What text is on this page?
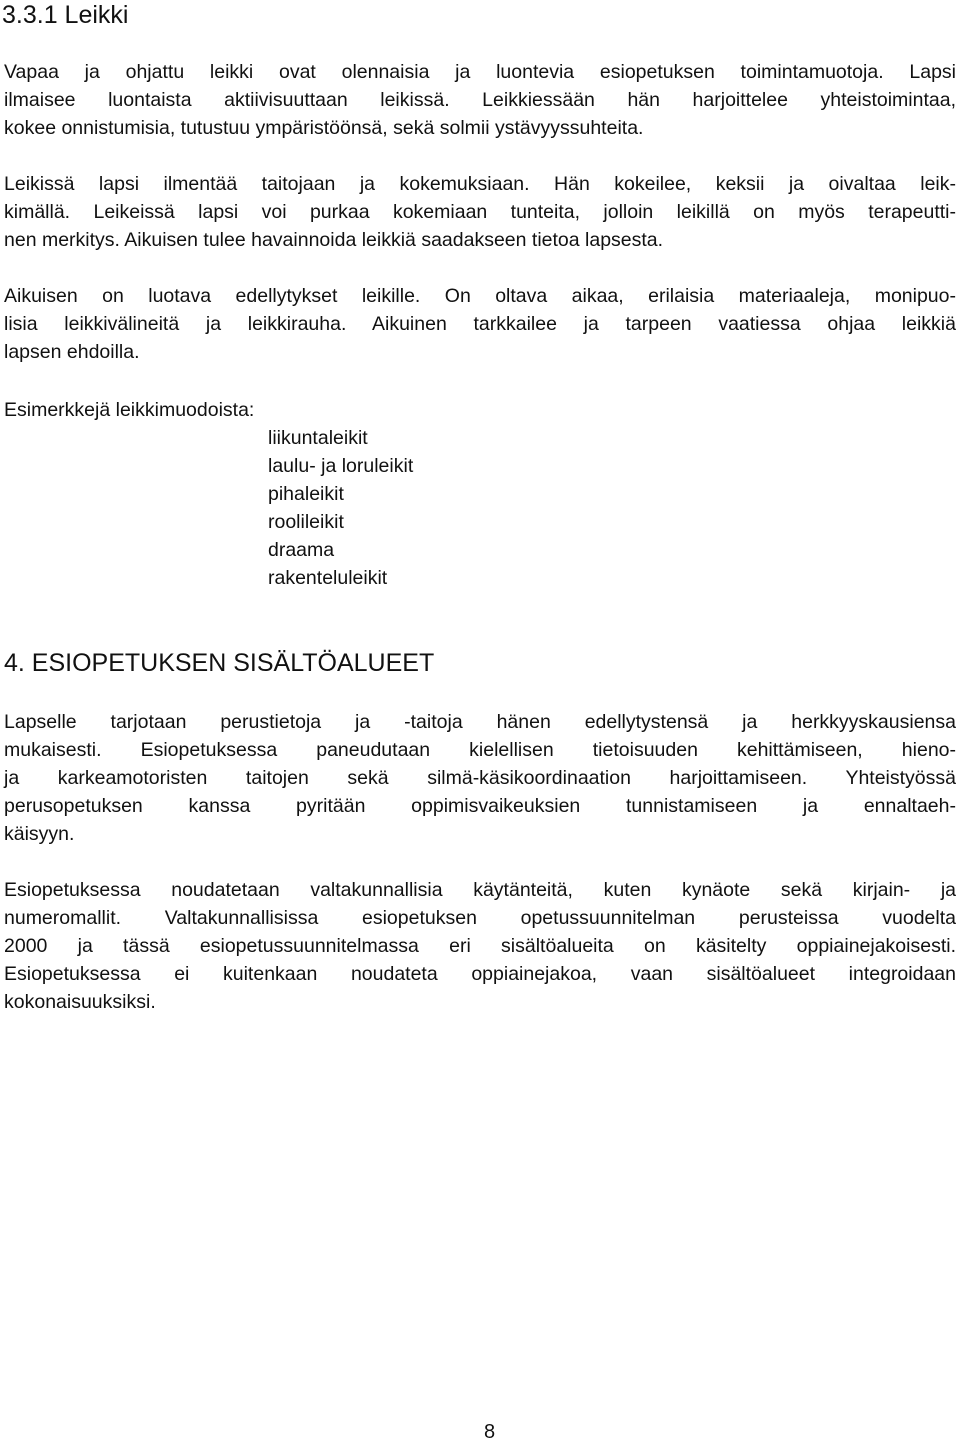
3.3.1 Leikki

Vapaa ja ohjattu leikki ovat olennaisia ja luontevia esiopetuksen toimintamuotoja. Lapsi

ilmaisee luontaista aktiivisuuttaan leikissä. Leikkiessään hän harjoittelee yhteistoimintaa,

kokee onnistumisia, tutustuu ympäristöönsä, sekä solmii ystävyyssuhteita.

Leikissä lapsi ilmentää taitojaan ja kokemuksiaan. Hän kokeilee, keksii ja oivaltaa leik-

kimällä. Leikeissä lapsi voi purkaa kokemiaan tunteita, jolloin leikillä on myös terapeutti-

nen merkitys. Aikuisen tulee havainnoida leikkiä saadakseen tietoa lapsesta.

Aikuisen on luotava edellytykset leikille. On oltava aikaa, erilaisia materiaaleja, monipuo-

lisia leikkivälineitä ja leikkirauha. Aikuinen tarkkailee ja tarpeen vaatiessa ohjaa leikkiä

lapsen ehdoilla.

Esimerkkejä leikkimuodoista:

liikuntaleikit

laulu- ja loruleikit

pihaleikit

roolileikit

draama

rakenteluleikit

4. ESIOPETUKSEN SISÄLTÖALUEET

Lapselle tarjotaan perustietoja ja -taitoja hänen edellytystensä ja herkkyyskausiensa

mukaisesti. Esiopetuksessa paneudutaan kielellisen tietoisuuden kehittämiseen, hieno-

ja karkeamotoristen taitojen sekä silmä-käsikoordinaation harjoittamiseen. Yhteistyössä

perusopetuksen kanssa pyritään oppimisvaikeuksien tunnistamiseen ja ennaltaeh-

käisyyn.

Esiopetuksessa noudatetaan valtakunnallisia käytänteitä, kuten kynäote sekä kirjain- ja

numeromallit. Valtakunnallisissa esiopetuksen opetussuunnitelman perusteissa vuodelta

2000 ja tässä esiopetussuunnitelmassa eri sisältöalueita on käsitelty oppiainejakoisesti.

Esiopetuksessa ei kuitenkaan noudateta oppiainejakoa, vaan sisältöalueet integroidaan

kokonaisuuksiksi.

8
